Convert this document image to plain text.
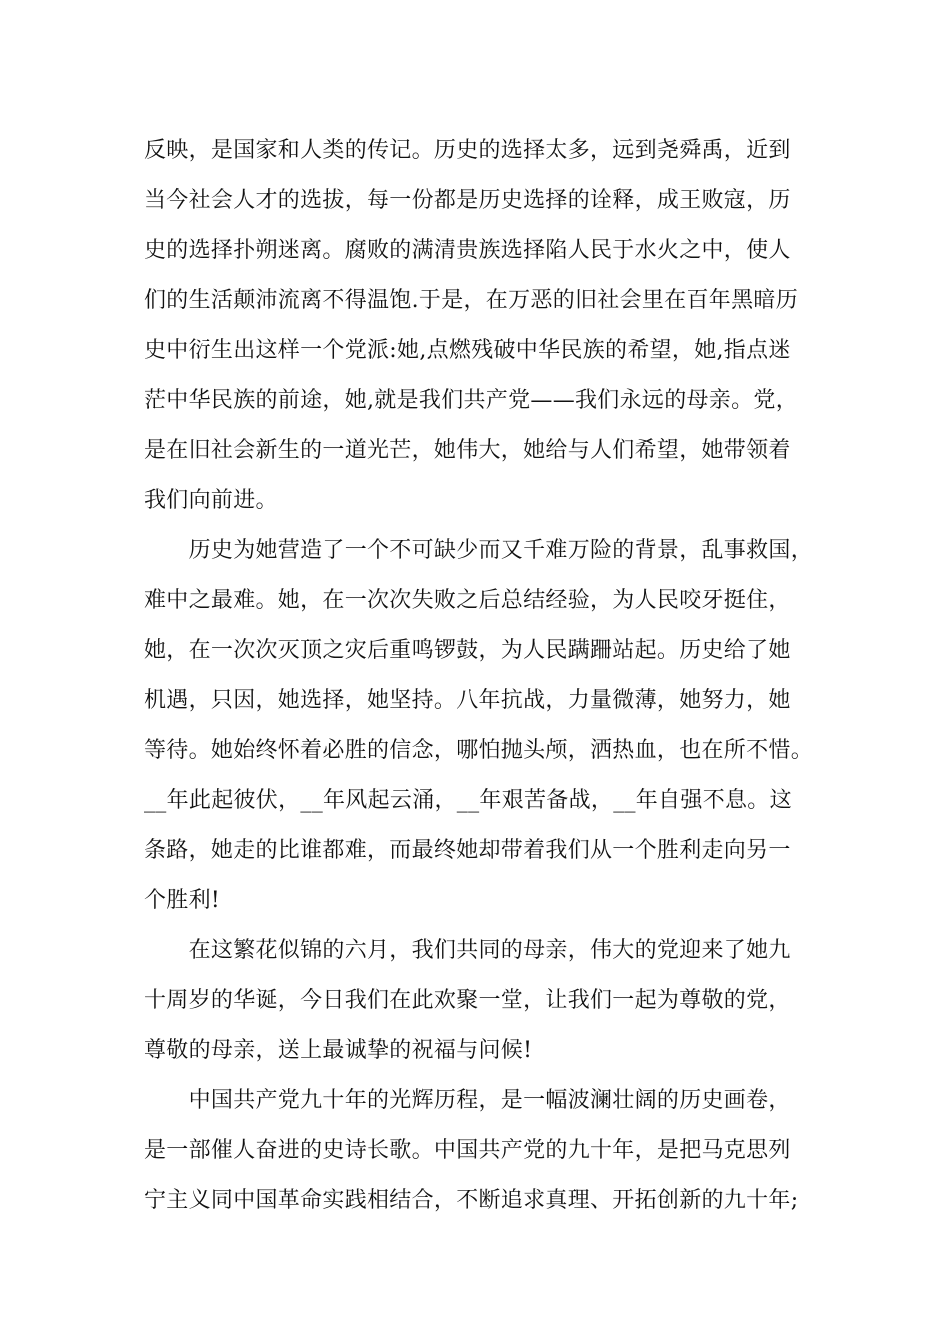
反映，是国家和人类的传记。历史的选择太多，远到尧舜禹，近到
当今社会人才的选拔，每一份都是历史选择的诠释，成王败寇，历
史的选择扑朔迷离。腐败的满清贵族选择陷人民于水火之中，使人
们的生活颠沛流离不得温饱.于是，在万恶的旧社会里在百年黑暗历
史中衍生出这样一个党派:她,点燃残破中华民族的希望，她,指点迷
茫中华民族的前途，她,就是我们共产党——我们永远的母亲。党，
是在旧社会新生的一道光芒，她伟大，她给与人们希望，她带领着
我们向前进。
　　历史为她营造了一个不可缺少而又千难万险的背景，乱事救国，
难中之最难。她，在一次次失败之后总结经验，为人民咬牙挺住，
她，在一次次灭顶之灾后重鸣锣鼓，为人民蹒跚站起。历史给了她
机遇，只因，她选择，她坚持。八年抗战，力量微薄，她努力，她
等待。她始终怀着必胜的信念，哪怕抛头颅，洒热血，也在所不惜。
__年此起彼伏，__年风起云涌，__年艰苦备战，__年自强不息。这
条路，她走的比谁都难，而最终她却带着我们从一个胜利走向另一
个胜利!
　　在这繁花似锦的六月，我们共同的母亲，伟大的党迎来了她九
十周岁的华诞，今日我们在此欢聚一堂，让我们一起为尊敬的党，
尊敬的母亲，送上最诚挚的祝福与问候!
　　中国共产党九十年的光辉历程，是一幅波澜壮阔的历史画卷，
是一部催人奋进的史诗长歌。中国共产党的九十年，是把马克思列
宁主义同中国革命实践相结合，不断追求真理、开拓创新的九十年;
